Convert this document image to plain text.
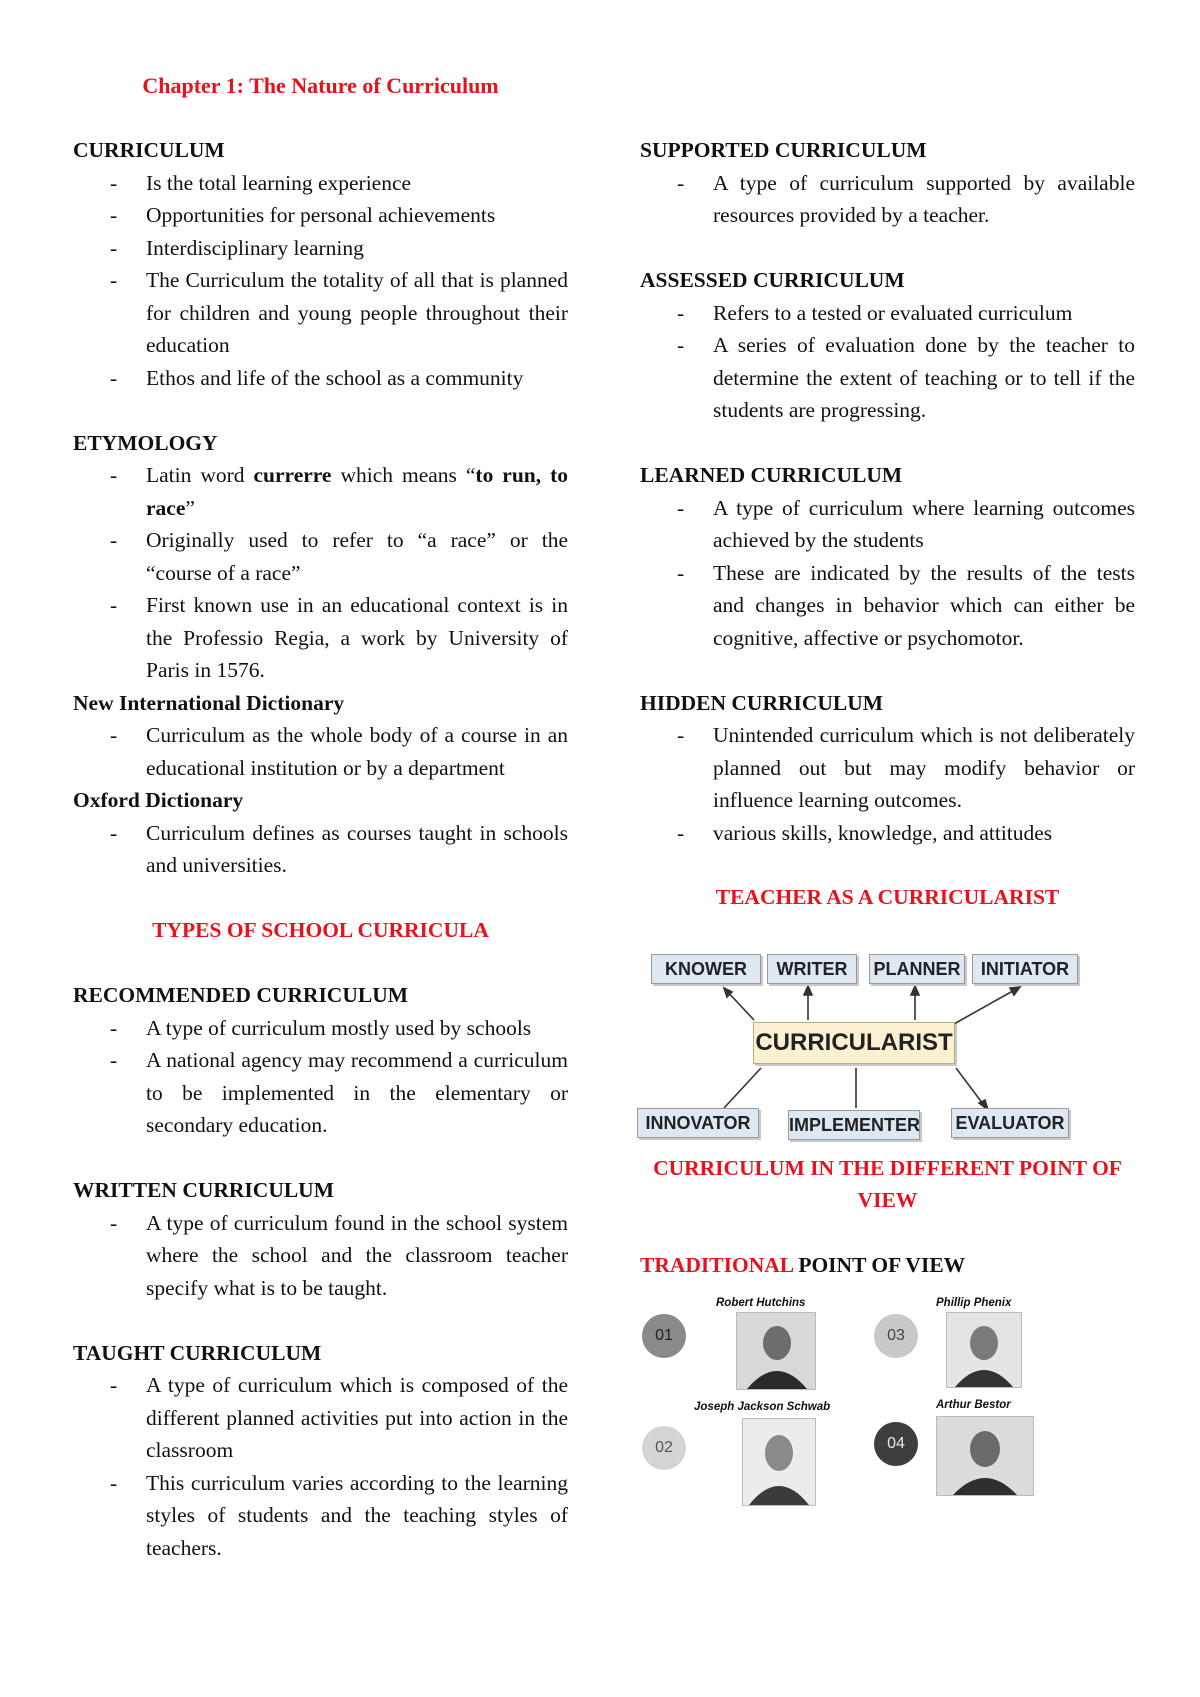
Chapter 1: The Nature of Curriculum

CURRICULUM

- Is the total learning experience
- Opportunities for personal achievements
- Interdisciplinary learning
- The Curriculum the totality of all that is planned for children and young people throughout their education
- Ethos and life of the school as a community

ETYMOLOGY

- Latin word currerre which means “to run, to race”
- Originally used to refer to “a race” or the “course of a race”
- First known use in an educational context is in the Professio Regia, a work by University of Paris in 1576.

New International Dictionary

- Curriculum as the whole body of a course in an educational institution or by a department

Oxford Dictionary

- Curriculum defines as courses taught in schools and universities.

TYPES OF SCHOOL CURRICULA

RECOMMENDED CURRICULUM

- A type of curriculum mostly used by schools
- A national agency may recommend a curriculum to be implemented in the elementary or secondary education.

WRITTEN CURRICULUM

- A type of curriculum found in the school system where the school and the classroom teacher specify what is to be taught.

TAUGHT CURRICULUM

- A type of curriculum which is composed of the different planned activities put into action in the classroom
- This curriculum varies according to the learning styles of students and the teaching styles of teachers.

SUPPORTED CURRICULUM

- A type of curriculum supported by available resources provided by a teacher.

ASSESSED CURRICULUM

- Refers to a tested or evaluated curriculum
- A series of evaluation done by the teacher to determine the extent of teaching or to tell if the students are progressing.

LEARNED CURRICULUM

- A type of curriculum where learning outcomes achieved by the students
- These are indicated by the results of the tests and changes in behavior which can either be cognitive, affective or psychomotor.

HIDDEN CURRICULUM

- Unintended curriculum which is not deliberately planned out but may modify behavior or influence learning outcomes.
- various skills, knowledge, and attitudes

TEACHER AS A CURRICULARIST

KNOWER	WRITER	PLANNER	INITIATOR
CURRICULARIST
INNOVATOR	IMPLEMENTER EVALUATOR

CURRICULUM IN THE DIFFERENT POINT OF VIEW

TRADITIONAL POINT OF VIEW

01
Robert Hutchins
03
Phillip Phenix
02
Joseph Jackson Schwab
04
Arthur Bestor
